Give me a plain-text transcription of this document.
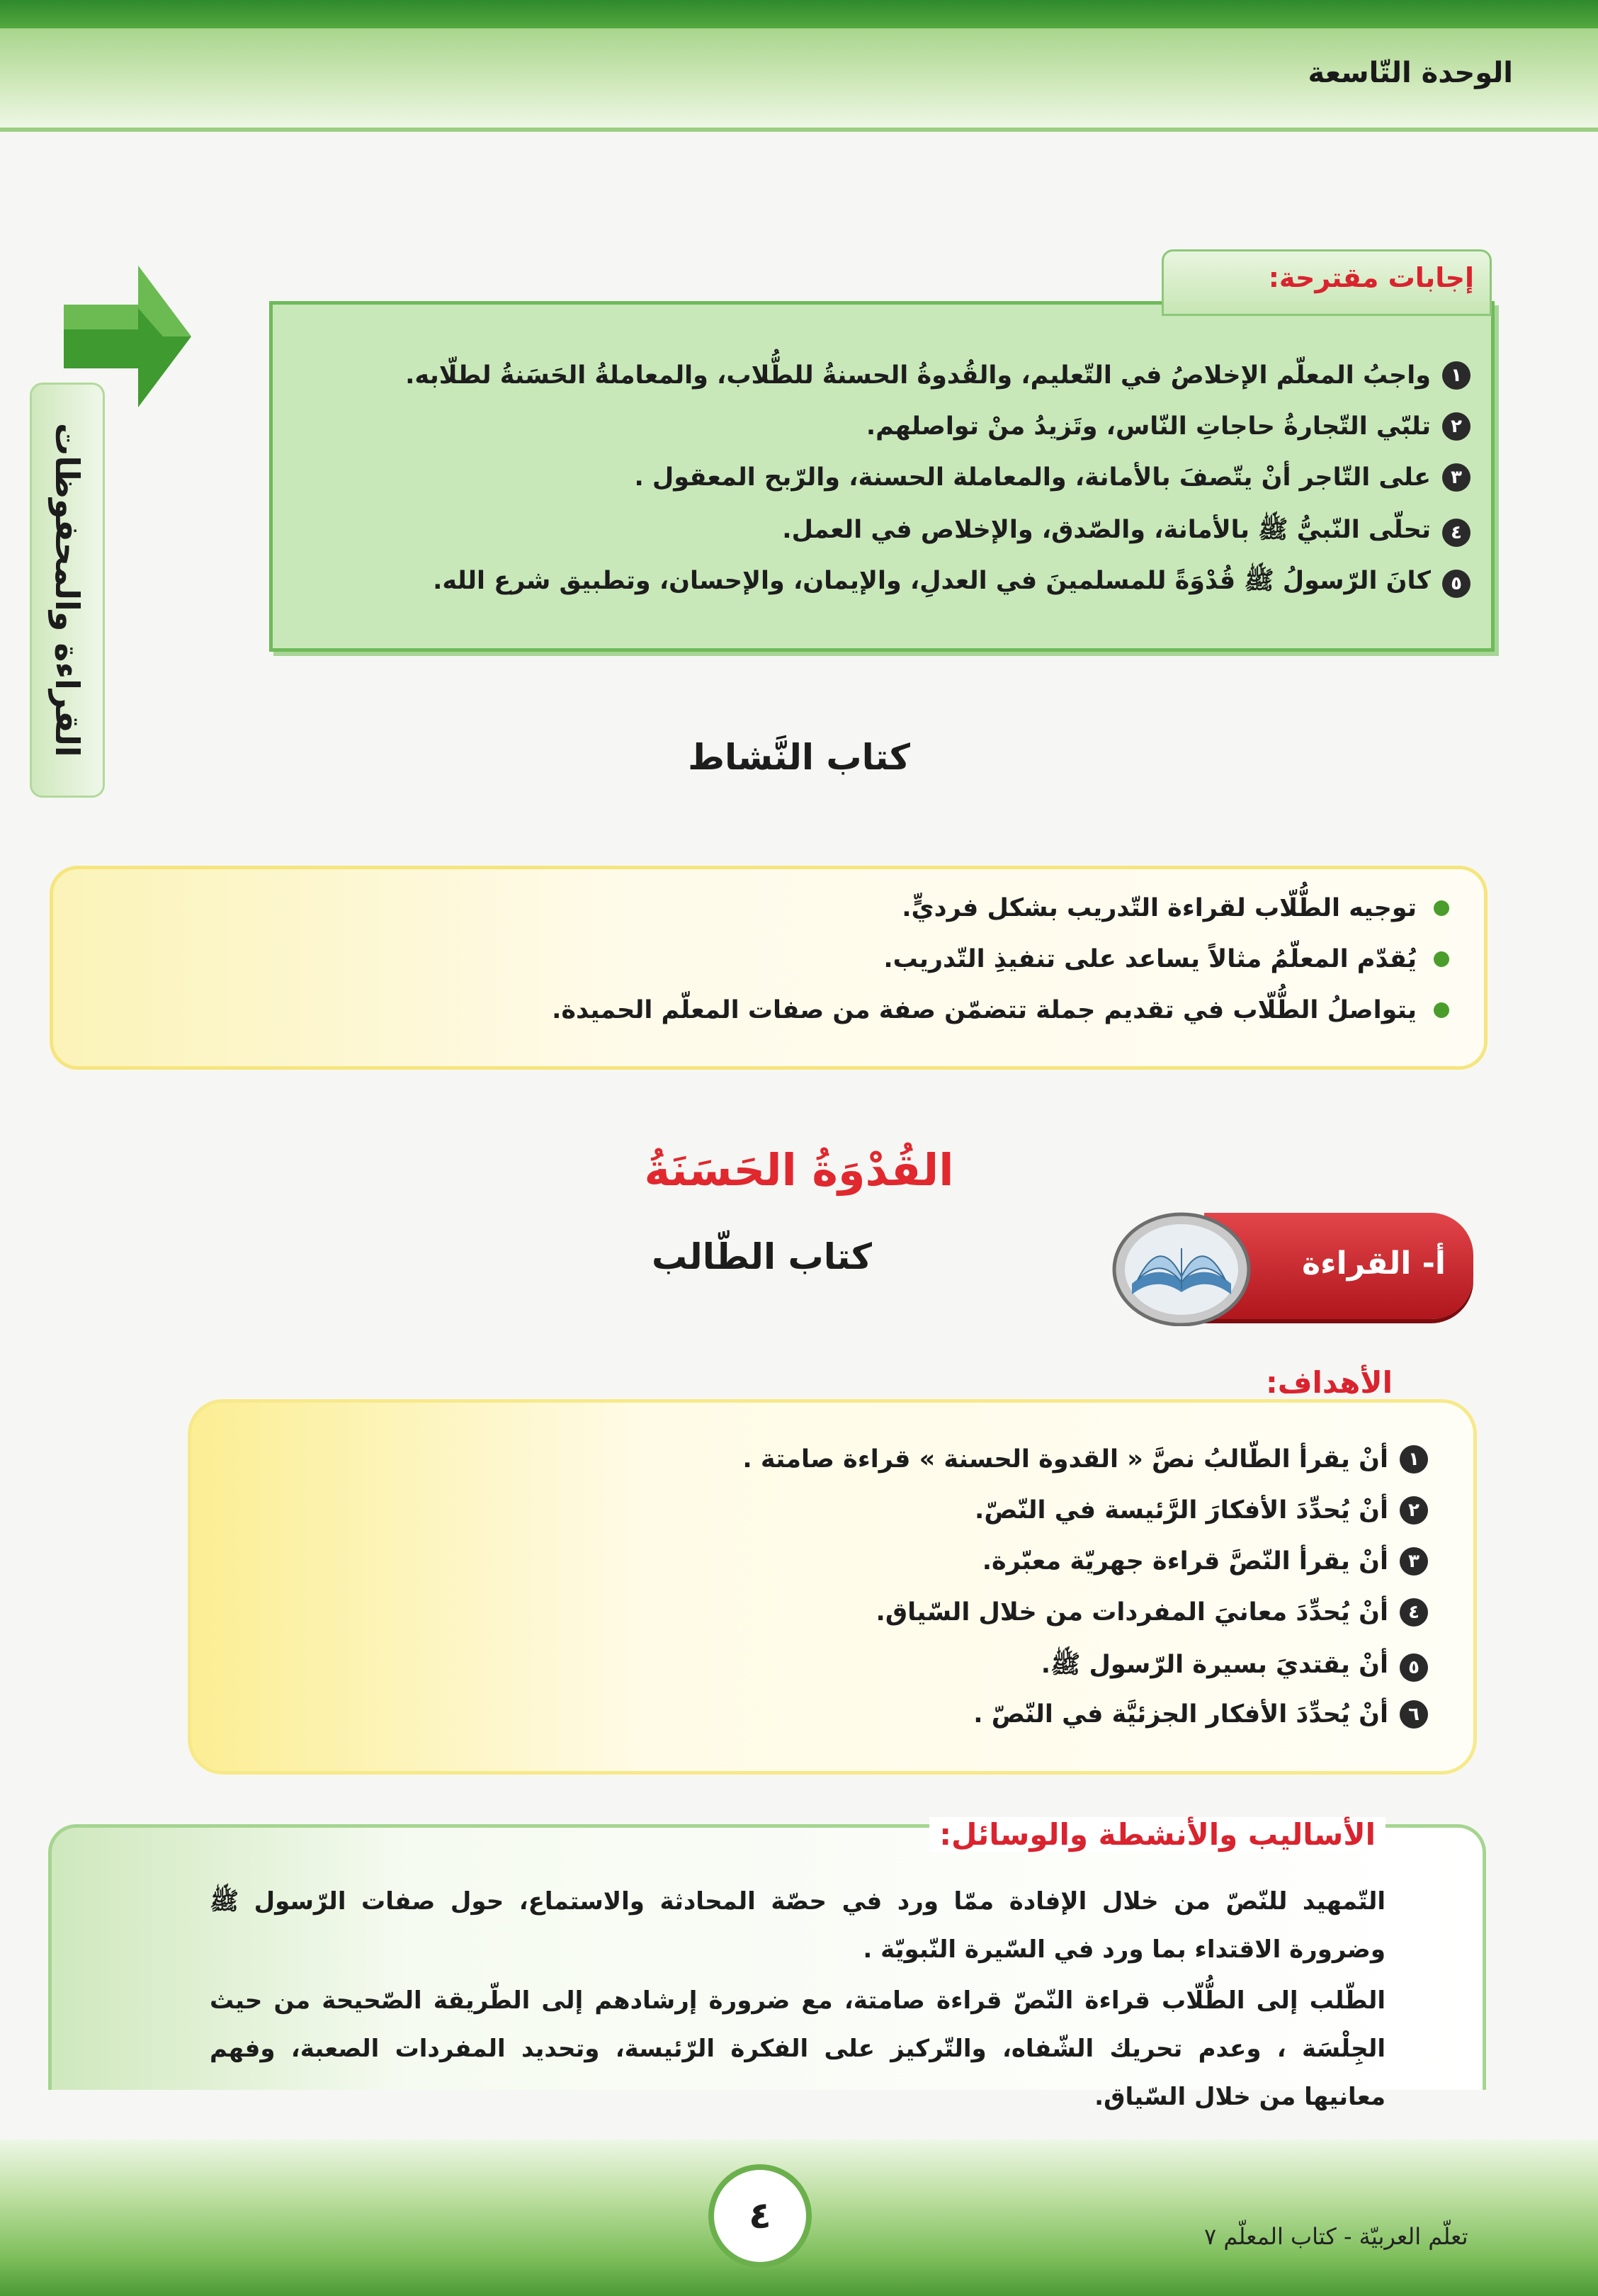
الوحدة التّاسعة
القراءة والمحفوظات
إجابات مقترحة:
١
واجبُ المعلّم الإخلاصُ في التّعليم، والقُدوةُ الحسنةُ للطُّلاب، والمعاملةُ الحَسَنةُ لطلّابه.
٢
تلبّي التّجارةُ حاجاتِ النّاس، وتَزيدُ منْ تواصلهم.
٣
على التّاجر أنْ يتّصفَ بالأمانة، والمعاملة الحسنة، والرّبح المعقول .
٤
تحلّى النّبيُّ ﷺ بالأمانة، والصّدق، والإخلاص في العمل.
٥
كانَ الرّسولُ ﷺ قُدْوَةً للمسلمينَ في العدلِ، والإيمان، والإحسان، وتطبيق شرع الله.
كتاب النَّشاط
توجيه الطُّلّاب لقراءة التّدريب بشكل فرديٍّ.
يُقدّم المعلّمُ مثالاً يساعد على تنفيذِ التّدريب.
يتواصلُ الطُّلّاب في تقديم جملة تتضمّن صفة من صفات المعلّم الحميدة.
القُدْوَةُ الحَسَنَةُ
كتاب الطّالب	أ- القراءة
الأهداف:
١
أنْ يقرأ الطّالبُ نصَّ « القدوة الحسنة » قراءة صامتة .
٢
أنْ يُحدِّدَ الأفكارَ الرَّئيسة في النّصّ.
٣
أنْ يقرأ النّصَّ قراءة جهريّة معبّرة.
٤
أنْ يُحدِّدَ معانيَ المفردات من خلال السّياق.
٥
أنْ يقتديَ بسيرة الرّسول ﷺ.
٦
أنْ يُحدِّدَ الأفكار الجزئيَّة في النّصّ .
الأساليب والأنشطة والوسائل:
التّمهيد للنّصّ من خلال الإفادة ممّا ورد في حصّة المحادثة والاستماع، حول صفات الرّسول ﷺ وضرورة الاقتداء بما ورد في السّيرة النّبويّة .
الطّلب إلى الطُّلّاب قراءة النّصّ قراءة صامتة، مع ضرورة إرشادهم إلى الطّريقة الصّحيحة من حيث الجِلْسَة ، وعدم تحريك الشّفاه، والتّركيز على الفكرة الرّئيسة، وتحديد المفردات الصعبة، وفهم معانيها من خلال السّياق.
٤	تعلّم العربيّة - كتاب المعلّم ٧
